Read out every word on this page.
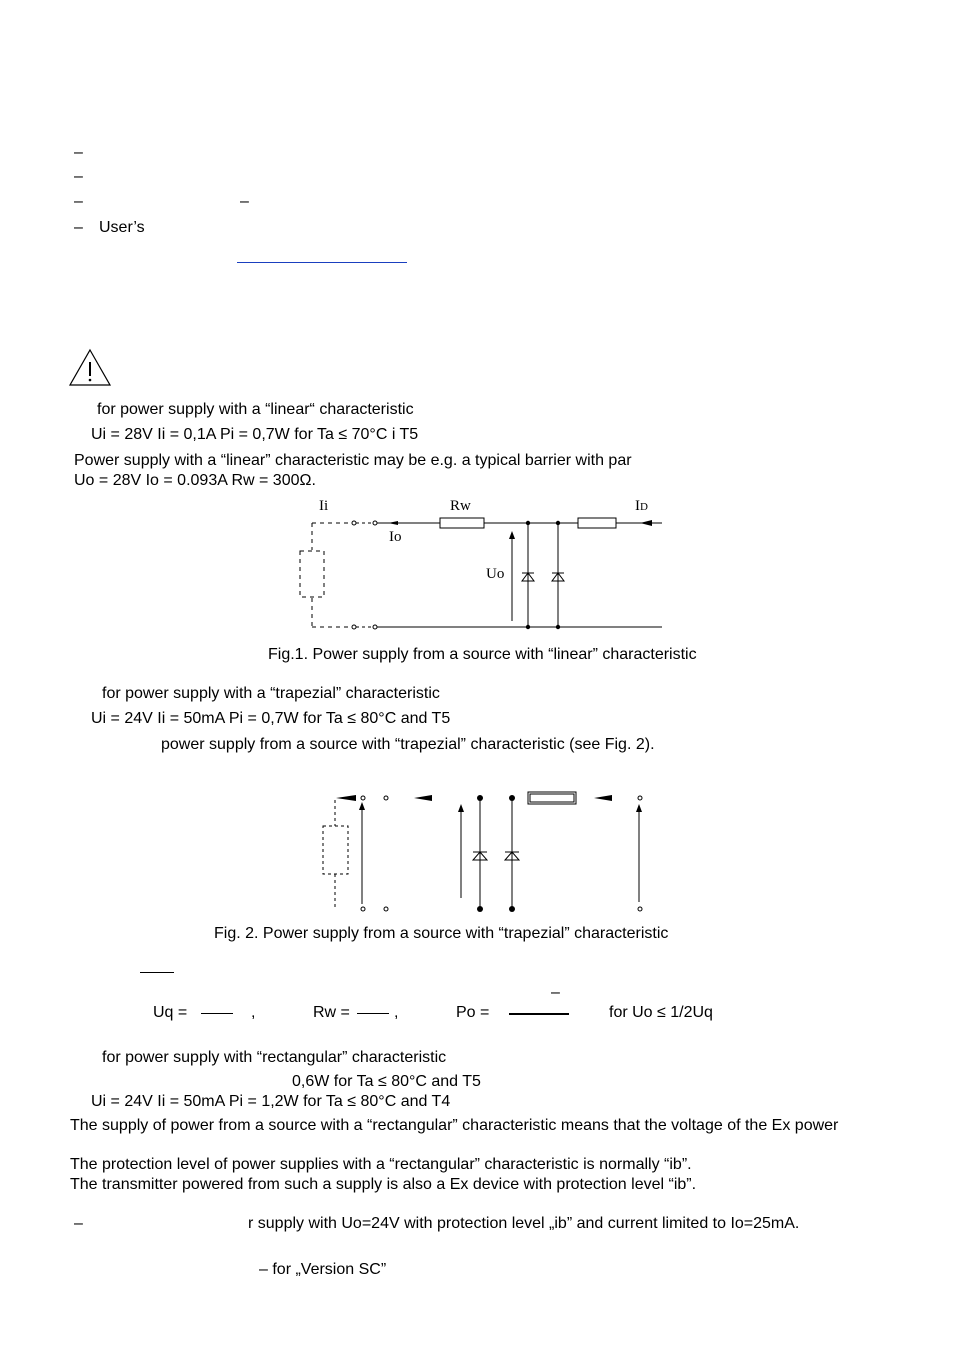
–
–
–	–
– User’s
for power supply with a “linear“ characteristic
Ui = 28V Ii = 0,1A Pi = 0,7W for Ta ≤ 70°C i T5
Power supply with a “linear” characteristic may be e.g. a typical barrier with par
Uo = 28V Io = 0.093A Rw = 300Ω.
Ii	Rw	ID
Io
Uo
Fig.1. Power supply from a source with “linear” characteristic
for power supply with a “trapezial” characteristic
Ui = 24V Ii = 50mA Pi = 0,7W for Ta ≤ 80°C and T5
power supply from a source with “trapezial” characteristic (see Fig. 2).
Fig. 2. Power supply from a source with “trapezial” characteristic
–
Uq =	,	Rw =	,	Po =	for Uo ≤ 1/2Uq
for power supply with “rectangular” characteristic
0,6W for Ta ≤ 80°C and T5
Ui = 24V Ii = 50mA Pi = 1,2W for Ta ≤ 80°C and T4
The supply of power from a source with a “rectangular” characteristic means that the voltage of the Ex power
The protection level of power supplies with a “rectangular” characteristic is normally “ib”.
The transmitter powered from such a supply is also a Ex device with protection level “ib”.
–	r supply with Uo=24V with protection level „ib” and current limited to Io=25mA.
– for „Version SC”
